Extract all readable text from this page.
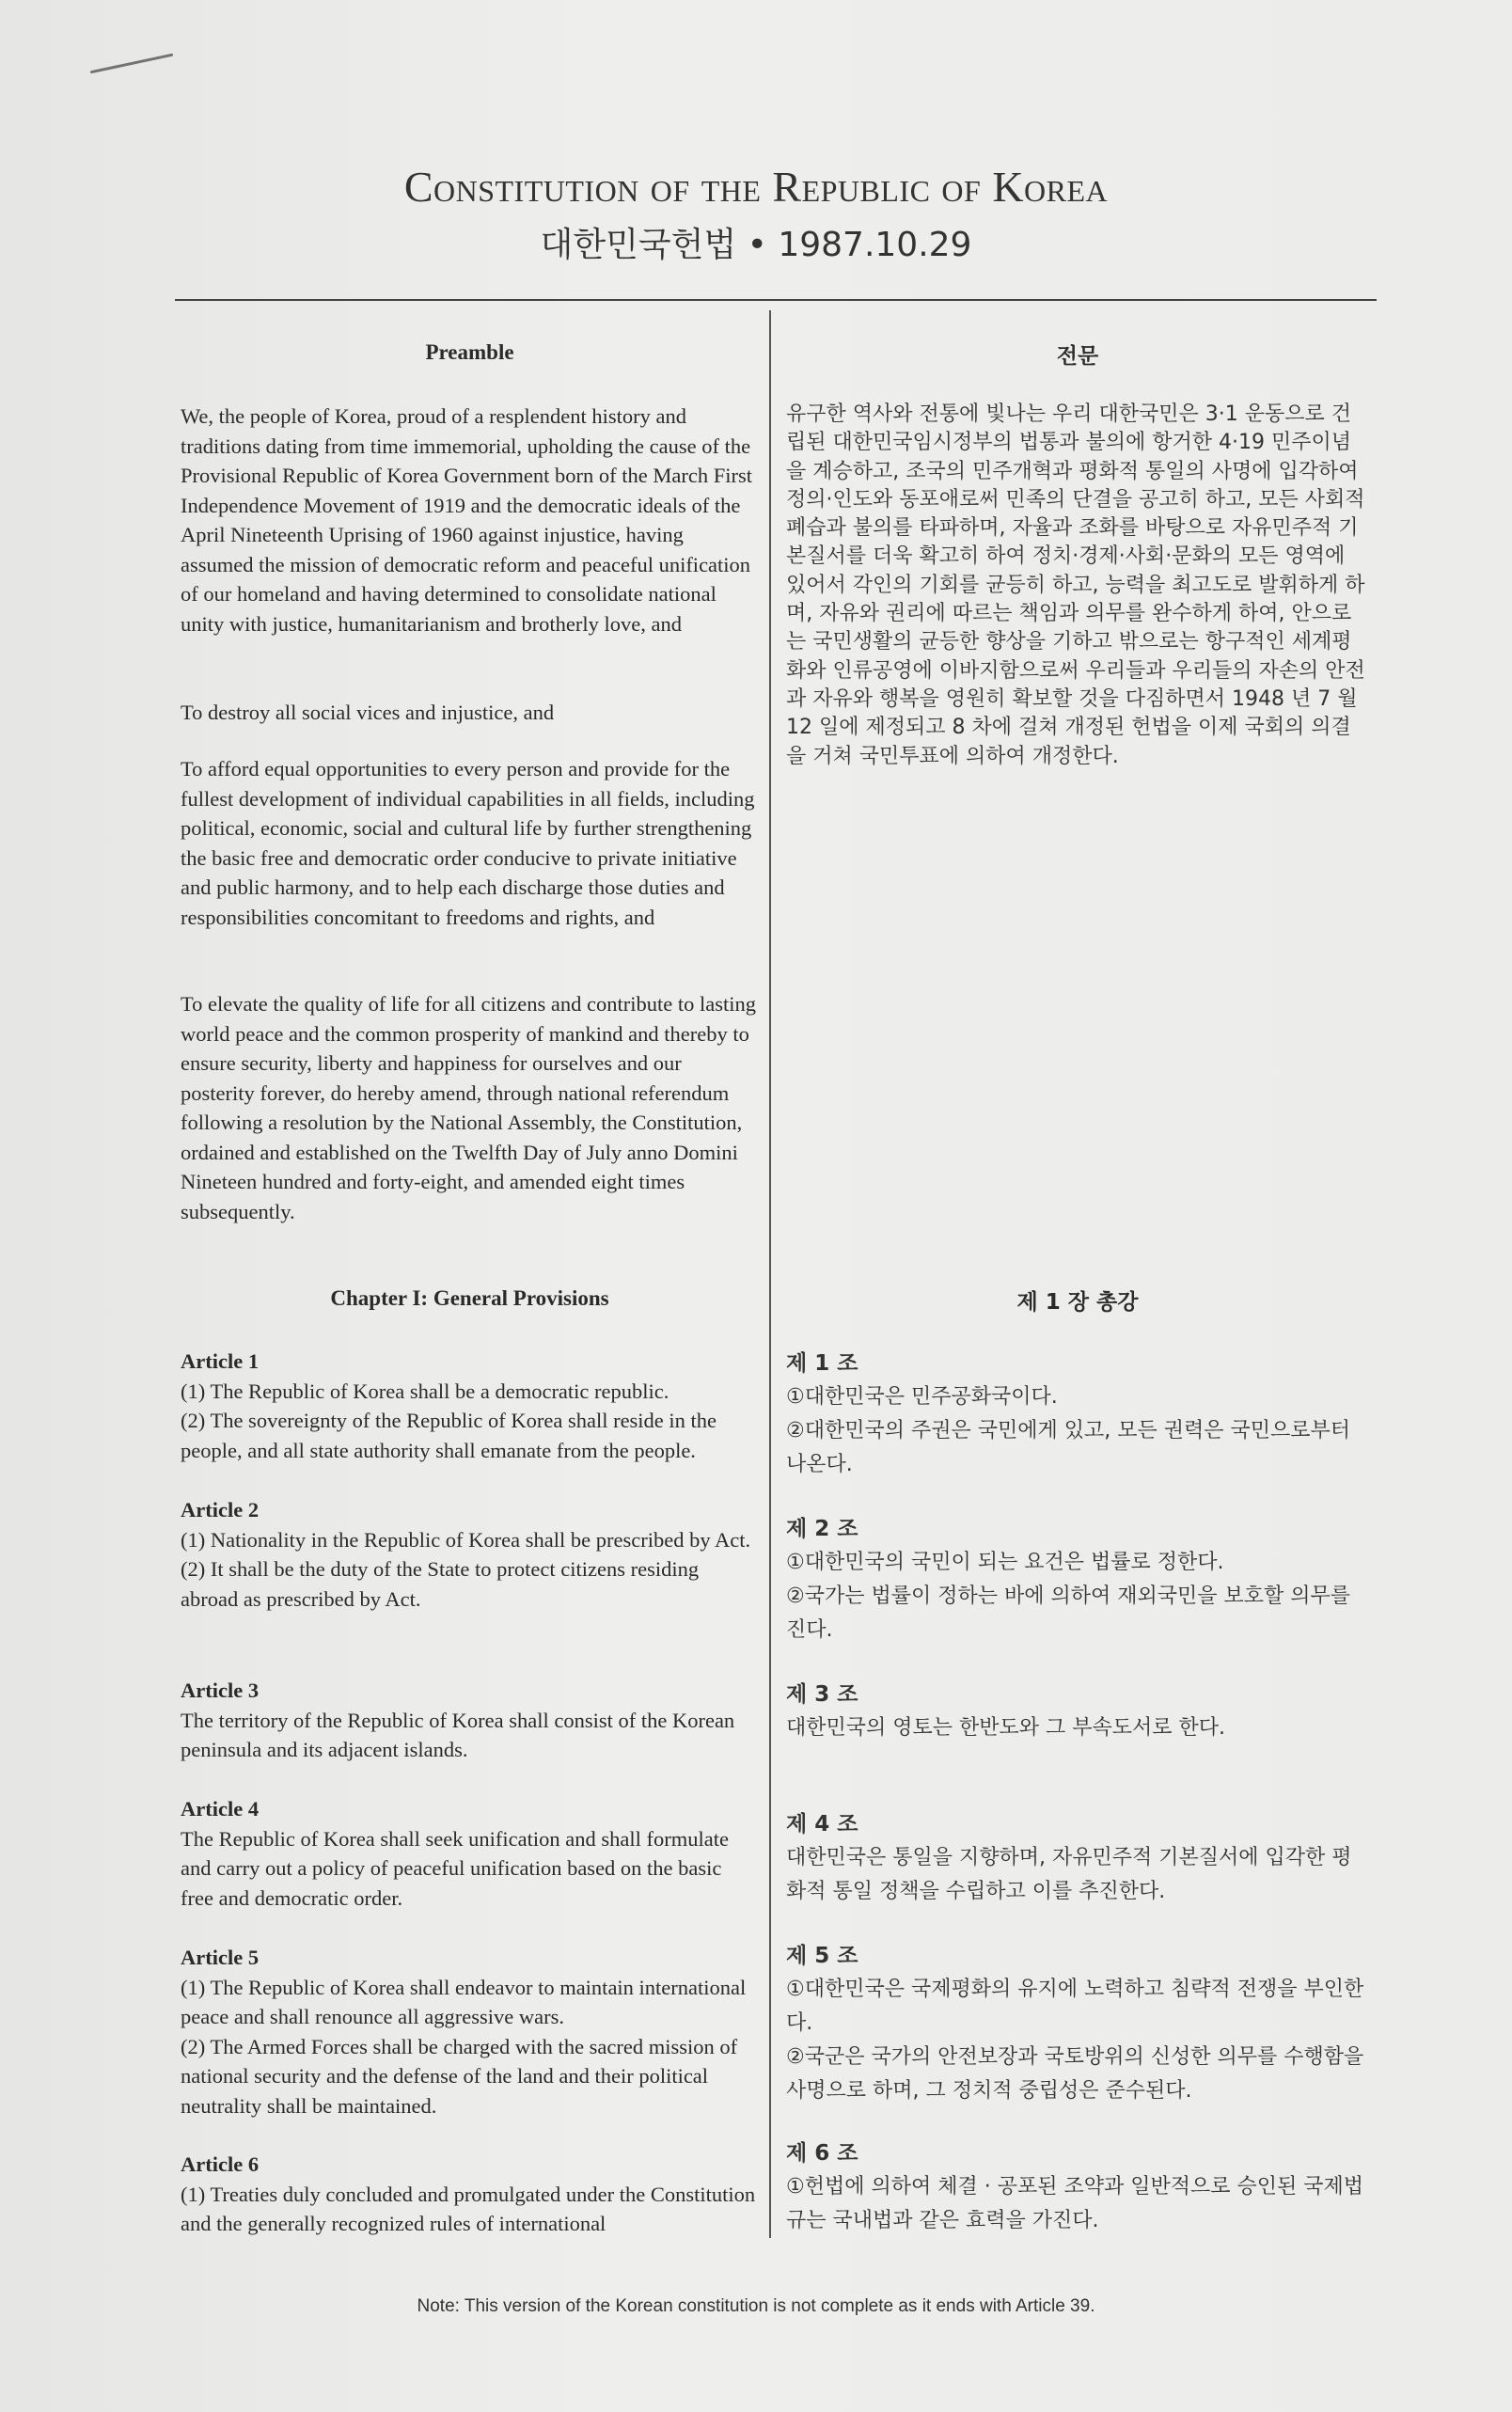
Constitution of the Republic of Korea
대한민국헌법 • 1987.10.29
Preamble	전문
We, the people of Korea, proud of a resplendent history and traditions dating from time immemorial, upholding the cause of the Provisional Republic of Korea Government born of the March First Independence Movement of 1919 and the democratic ideals of the April Nineteenth Uprising of 1960 against injustice, having assumed the mission of democratic reform and peaceful unification of our homeland and having determined to consolidate national unity with justice, humanitarianism and brotherly love, and
To destroy all social vices and injustice, and
To afford equal opportunities to every person and provide for the fullest development of individual capabilities in all fields, including political, economic, social and cultural life by further strengthening the basic free and democratic order conducive to private initiative and public harmony, and to help each discharge those duties and responsibilities concomitant to freedoms and rights, and
To elevate the quality of life for all citizens and contribute to lasting world peace and the common prosperity of mankind and thereby to ensure security, liberty and happiness for ourselves and our posterity forever, do hereby amend, through national referendum following a resolution by the National Assembly, the Constitution, ordained and established on the Twelfth Day of July anno Domini Nineteen hundred and forty-eight, and amended eight times subsequently.
유구한 역사와 전통에 빛나는 우리 대한국민은 3·1 운동으로 건립된 대한민국임시정부의 법통과 불의에 항거한 4·19 민주이념을 계승하고, 조국의 민주개혁과 평화적 통일의 사명에 입각하여 정의·인도와 동포애로써 민족의 단결을 공고히 하고, 모든 사회적 폐습과 불의를 타파하며, 자율과 조화를 바탕으로 자유민주적 기본질서를 더욱 확고히 하여 정치·경제·사회·문화의 모든 영역에 있어서 각인의 기회를 균등히 하고, 능력을 최고도로 발휘하게 하며, 자유와 권리에 따르는 책임과 의무를 완수하게 하여, 안으로는 국민생활의 균등한 향상을 기하고 밖으로는 항구적인 세계평화와 인류공영에 이바지함으로써 우리들과 우리들의 자손의 안전과 자유와 행복을 영원히 확보할 것을 다짐하면서 1948 년 7 월 12 일에 제정되고 8 차에 걸쳐 개정된 헌법을 이제 국회의 의결을 거쳐 국민투표에 의하여 개정한다.
Chapter I: General Provisions	제 1 장 총강

Article 1

(1) The Republic of Korea shall be a democratic republic.

(2) The sovereignty of the Republic of Korea shall reside in the people, and all state authority shall emanate from the people.

Article 2

(1) Nationality in the Republic of Korea shall be prescribed by Act.

(2) It shall be the duty of the State to protect citizens residing abroad as prescribed by Act.

Article 3

The territory of the Republic of Korea shall consist of the Korean peninsula and its adjacent islands.

Article 4

The Republic of Korea shall seek unification and shall formulate and carry out a policy of peaceful unification based on the basic free and democratic order.

Article 5

(1) The Republic of Korea shall endeavor to maintain international peace and shall renounce all aggressive wars.

(2) The Armed Forces shall be charged with the sacred mission of national security and the defense of the land and their political neutrality shall be maintained.

Article 6

(1) Treaties duly concluded and promulgated under the Constitution and the generally recognized rules of international

제 1 조

①대한민국은 민주공화국이다.

②대한민국의 주권은 국민에게 있고, 모든 권력은 국민으로부터 나온다.

제 2 조

①대한민국의 국민이 되는 요건은 법률로 정한다.

②국가는 법률이 정하는 바에 의하여 재외국민을 보호할 의무를 진다.

제 3 조

대한민국의 영토는 한반도와 그 부속도서로 한다.

제 4 조

대한민국은 통일을 지향하며, 자유민주적 기본질서에 입각한 평화적 통일 정책을 수립하고 이를 추진한다.

제 5 조

①대한민국은 국제평화의 유지에 노력하고 침략적 전쟁을 부인한다.

②국군은 국가의 안전보장과 국토방위의 신성한 의무를 수행함을 사명으로 하며, 그 정치적 중립성은 준수된다.

제 6 조

①헌법에 의하여 체결 · 공포된 조약과 일반적으로 승인된 국제법규는 국내법과 같은 효력을 가진다.

Note: This version of the Korean constitution is not complete as it ends with Article 39.
